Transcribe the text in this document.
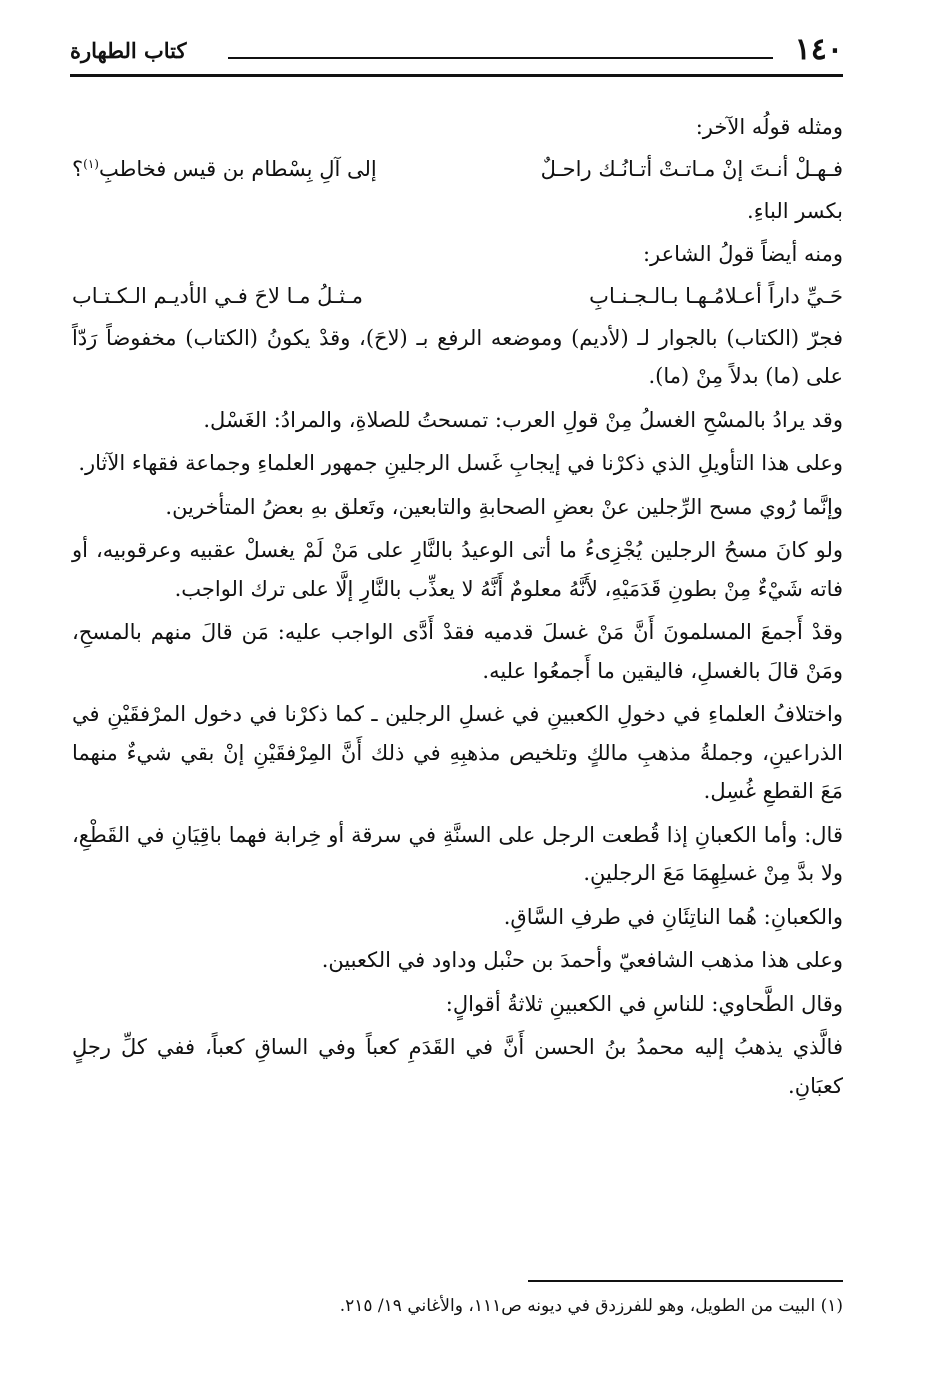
١٤٠
كتاب الطهارة

ومثله قولُه الآخر:

فـهـلْ أنـتَ إنْ مـاتـتْ أتـانُـك راحـلٌ
إلى آلِ بِسْطام بن قيس فخاطبِ$^{(١)}$؟

بكسر الباءِ.

ومنه أيضاً قولُ الشاعر:

حَـيِّ داراً أعـلامُـهـا بـالـجـنـابِ
مـثـلُ مـا لاحَ فـي الأديـم الـكـتـاب

فجرّ (الكتاب) بالجوار لـ (لأديم) وموضعه الرفع بـ (لاحَ)، وقدْ يكونُ (الكتاب) مخفوضاً رَدّاً على (ما) بدلاً مِنْ (ما).

وقد يرادُ بالمسْحِ الغسلُ مِنْ قولِ العرب: تمسحتُ للصلاةِ، والمرادُ: الغَسْل.

وعلى هذا التأويلِ الذي ذكرْنا في إيجابِ غَسل الرجلينِ جمهور العلماءِ وجماعة فقهاء الآثار.

وإنَّما رُوي مسح الرِّجلين عنْ بعضِ الصحابةِ والتابعين، وتَعلق بهِ بعضُ المتأخرين.

ولو كانَ مسحُ الرجلين يُجْزِىءُ ما أتى الوعيدُ بالنَّارِ على مَنْ لَمْ يغسلْ عقبيه وعرقوبيه، أو فاته شَيْءٌ مِنْ بطونِ قَدَمَيْهِ، لأَنَّهُ معلومٌ أَنَّهُ لا يعذِّب بالنَّارِ إلَّا على ترك الواجب.

وقدْ أَجمعَ المسلمونَ أَنَّ مَنْ غسلَ قدميه فقدْ أَدَّى الواجب عليه: مَن قالَ منهم بالمسحِ، ومَنْ قالَ بالغسلِ، فاليقين ما أَجمعُوا عليه.

واختلافُ العلماءِ في دخولِ الكعبينِ في غسلِ الرجلين ـ كما ذكرْنا في دخول المرْفقَيْنِ في الذراعينِ، وجملةُ مذهبِ مالكٍ وتلخيص مذهبِهِ في ذلك أَنَّ المِرْفقَيْنِ إنْ بقي شيءٌ منهما مَعَ القطعِ غُسِل.

قال: وأما الكعبانِ إذا قُطعت الرجل على السنَّةِ في سرقة أو خِرابة فهما باقِيَانِ في القَطْعِ، ولا بدَّ مِنْ غسلِهِمَا مَعَ الرجلينِ.

والكعبانِ: هُما الناتِئَانِ في طرفِ السَّاقِ.

وعلى هذا مذهب الشافعيّ وأحمدَ بن حنْبل وداود في الكعبين.

وقال الطَّحاوي: للناسِ في الكعبينِ ثلاثةُ أقوالٍ:

فالَّذي يذهبُ إليه محمدُ بنُ الحسن أَنَّ في القَدَمِ كعباً وفي الساقِ كعباً، ففي كلِّ رجلٍ كعبَانِ.

(١) البيت من الطويل، وهو للفرزدق في ديونه ص١١١، والأغاني ١٩/ ٢١٥.
